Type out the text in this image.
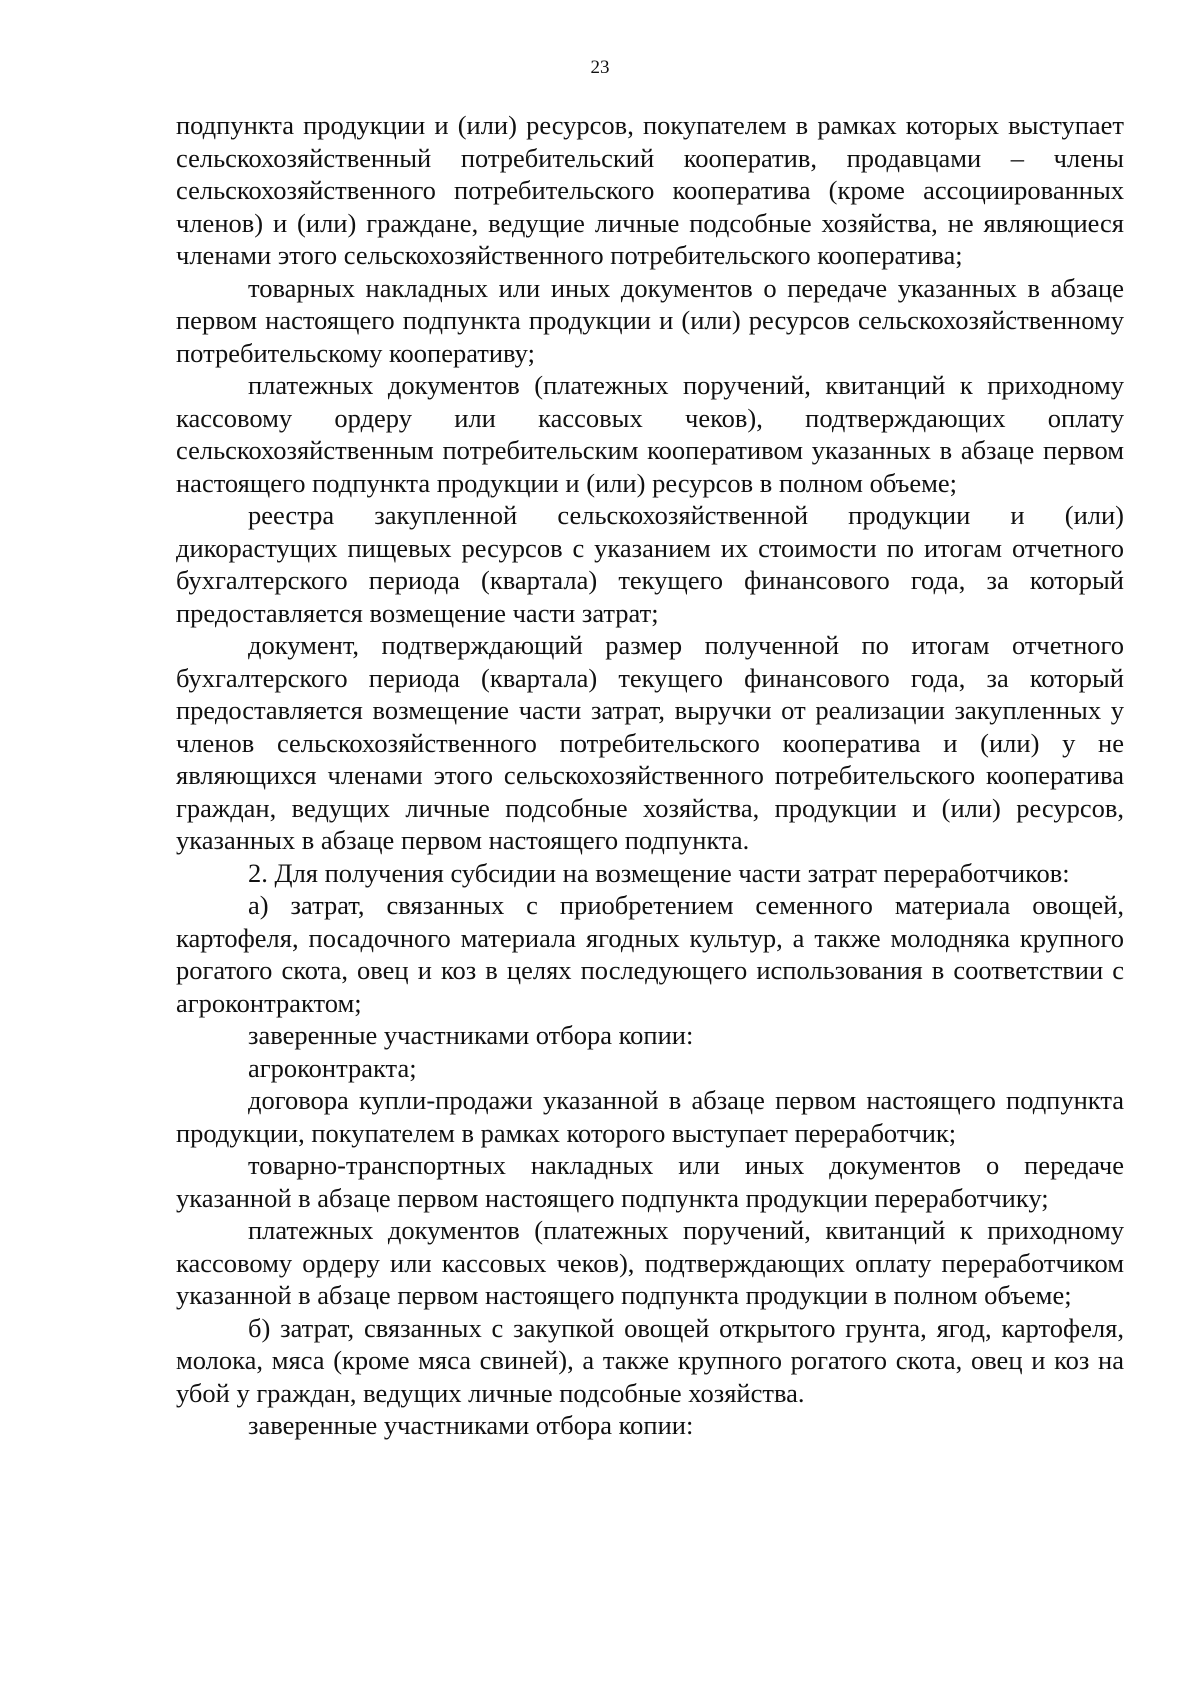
23

подпункта продукции и (или) ресурсов, покупателем в рамках которых выступает сельскохозяйственный потребительский кооператив, продавцами – члены сельскохозяйственного потребительского кооператива (кроме ассоциированных членов) и (или) граждане, ведущие личные подсобные хозяйства, не являющиеся членами этого сельскохозяйственного потребительского кооператива;

товарных накладных или иных документов о передаче указанных в абзаце первом настоящего подпункта продукции и (или) ресурсов сельскохозяйственному потребительскому кооперативу;

платежных документов (платежных поручений, квитанций к приходному кассовому ордеру или кассовых чеков), подтверждающих оплату сельскохозяйственным потребительским кооперативом указанных в абзаце первом настоящего подпункта продукции и (или) ресурсов в полном объеме;

реестра закупленной сельскохозяйственной продукции и (или) дикорастущих пищевых ресурсов с указанием их стоимости по итогам отчетного бухгалтерского периода (квартала) текущего финансового года, за который предоставляется возмещение части затрат;

документ, подтверждающий размер полученной по итогам отчетного бухгалтерского периода (квартала) текущего финансового года, за который предоставляется возмещение части затрат, выручки от реализации закупленных у членов сельскохозяйственного потребительского кооператива и (или) у не являющихся членами этого сельскохозяйственного потребительского кооператива граждан, ведущих личные подсобные хозяйства, продукции и (или) ресурсов, указанных в абзаце первом настоящего подпункта.

2. Для получения субсидии на возмещение части затрат переработчиков:

а) затрат, связанных с приобретением семенного материала овощей, картофеля, посадочного материала ягодных культур, а также молодняка крупного рогатого скота, овец и коз в целях последующего использования в соответствии с агроконтрактом;

заверенные участниками отбора копии:

агроконтракта;

договора купли-продажи указанной в абзаце первом настоящего подпункта продукции, покупателем в рамках которого выступает переработчик;

товарно-транспортных накладных или иных документов о передаче указанной в абзаце первом настоящего подпункта продукции переработчику;

платежных документов (платежных поручений, квитанций к приходному кассовому ордеру или кассовых чеков), подтверждающих оплату переработчиком указанной в абзаце первом настоящего подпункта продукции в полном объеме;

б) затрат, связанных с закупкой овощей открытого грунта, ягод, картофеля, молока, мяса (кроме мяса свиней), а также крупного рогатого скота, овец и коз на убой у граждан, ведущих личные подсобные хозяйства.

заверенные участниками отбора копии:
